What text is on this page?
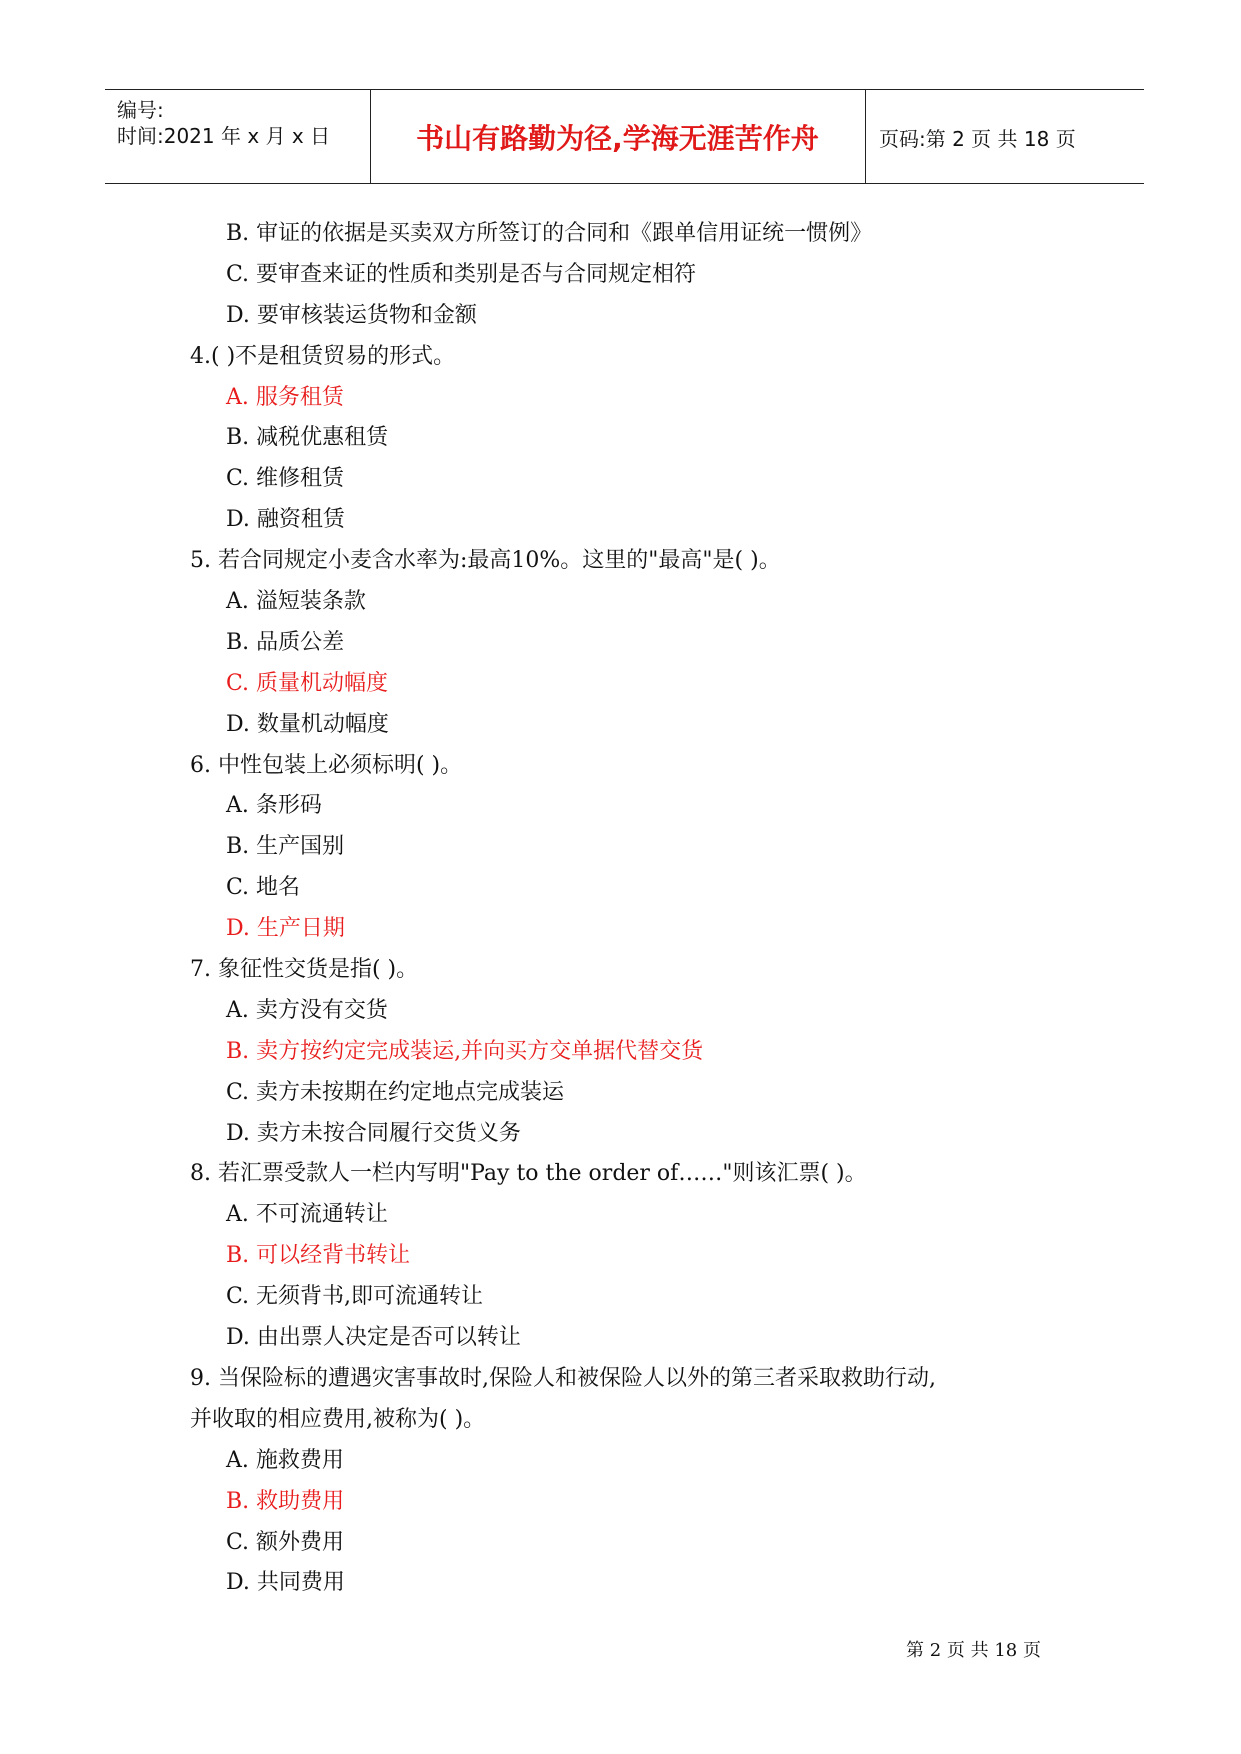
编号:
时间:2021 年 x 月 x 日	书山有路勤为径,学海无涯苦作舟	页码:第 2 页 共 18 页
B. 审证的依据是买卖双方所签订的合同和《跟单信用证统一惯例》
C. 要审查来证的性质和类别是否与合同规定相符
D. 要审核装运货物和金额
4.( )不是租赁贸易的形式。
A. 服务租赁
B. 减税优惠租赁
C. 维修租赁
D. 融资租赁
5. 若合同规定小麦含水率为:最高10%。这里的"最高"是( )。
A. 溢短装条款
B. 品质公差
C. 质量机动幅度
D. 数量机动幅度
6. 中性包装上必须标明( )。
A. 条形码
B. 生产国别
C. 地名
D. 生产日期
7. 象征性交货是指( )。
A. 卖方没有交货
B. 卖方按约定完成装运,并向买方交单据代替交货
C. 卖方未按期在约定地点完成装运
D. 卖方未按合同履行交货义务
8. 若汇票受款人一栏内写明"Pay to the order of……"则该汇票( )。
A. 不可流通转让
B. 可以经背书转让
C. 无须背书,即可流通转让
D. 由出票人决定是否可以转让
9. 当保险标的遭遇灾害事故时,保险人和被保险人以外的第三者采取救助行动,
并收取的相应费用,被称为( )。
A. 施救费用
B. 救助费用
C. 额外费用
D. 共同费用
第 2 页 共 18 页
